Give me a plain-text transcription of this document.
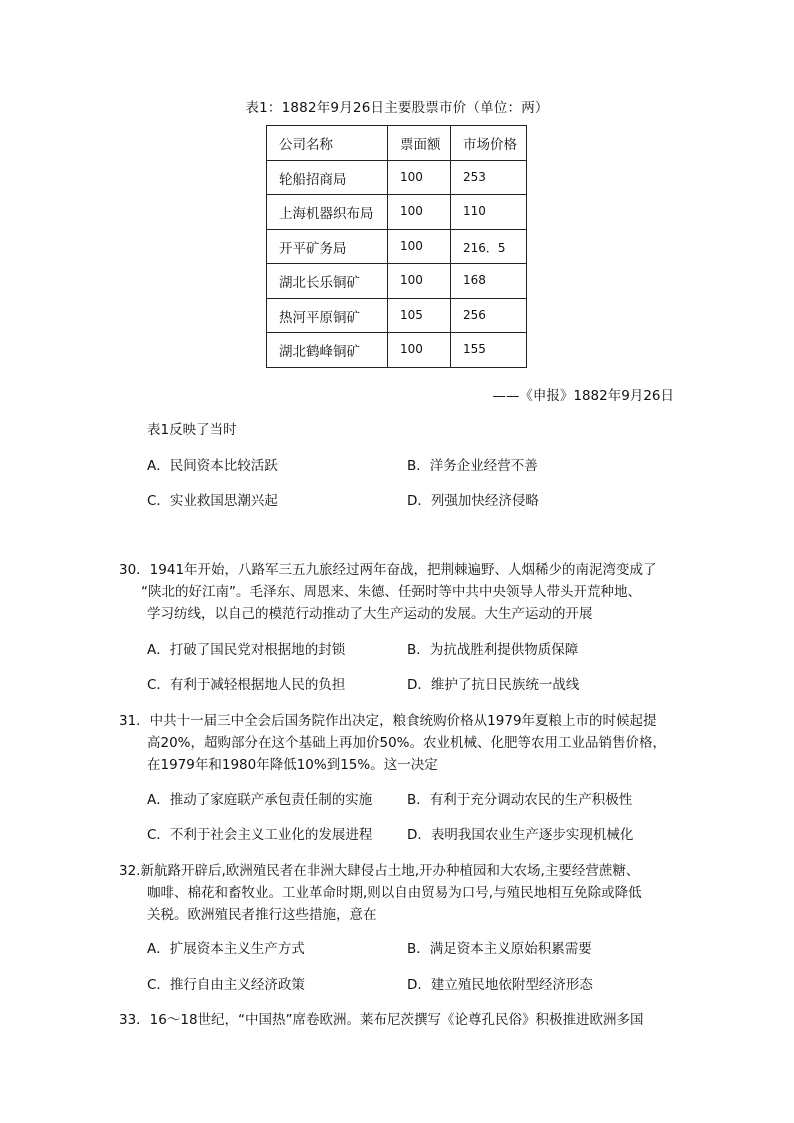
表1：1882年9月26日主要股票市价（单位：两）
公司名称	票面额	市场价格
轮船招商局	100	253
上海机器织布局	100	110
开平矿务局	100	216．5
湖北长乐铜矿	100	168
热河平原铜矿	105	256
湖北鹤峰铜矿	100	155
——《申报》1882年9月26日
表1反映了当时
A．民间资本比较活跃	B．洋务企业经营不善
C．实业救国思潮兴起	D．列强加快经济侵略
30．1941年开始，八路军三五九旅经过两年奋战，把荆棘遍野、人烟稀少的南泥湾变成了
“陕北的好江南”。毛泽东、周恩来、朱德、任弼时等中共中央领导人带头开荒种地、
学习纺线，以自己的模范行动推动了大生产运动的发展。大生产运动的开展
A．打破了国民党对根据地的封锁	B．为抗战胜利提供物质保障
C．有利于减轻根据地人民的负担	D．维护了抗日民族统一战线
31．中共十一届三中全会后国务院作出决定，粮食统购价格从1979年夏粮上市的时候起提
高20%，超购部分在这个基础上再加价50%。农业机械、化肥等农用工业品销售价格，
在1979年和1980年降低10%到15%。这一决定
A．推动了家庭联产承包责任制的实施	B．有利于充分调动农民的生产积极性
C．不利于社会主义工业化的发展进程	D．表明我国农业生产逐步实现机械化
32.新航路开辟后,欧洲殖民者在非洲大肆侵占土地,开办种植园和大农场,主要经营蔗糖、
咖啡、棉花和畜牧业。工业革命时期,则以自由贸易为口号,与殖民地相互免除或降低
关税。欧洲殖民者推行这些措施，意在
A．扩展资本主义生产方式	B．满足资本主义原始积累需要
C．推行自由主义经济政策	D．建立殖民地依附型经济形态
33．16～18世纪，“中国热”席卷欧洲。莱布尼茨撰写《论尊孔民俗》积极推进欧洲多国
